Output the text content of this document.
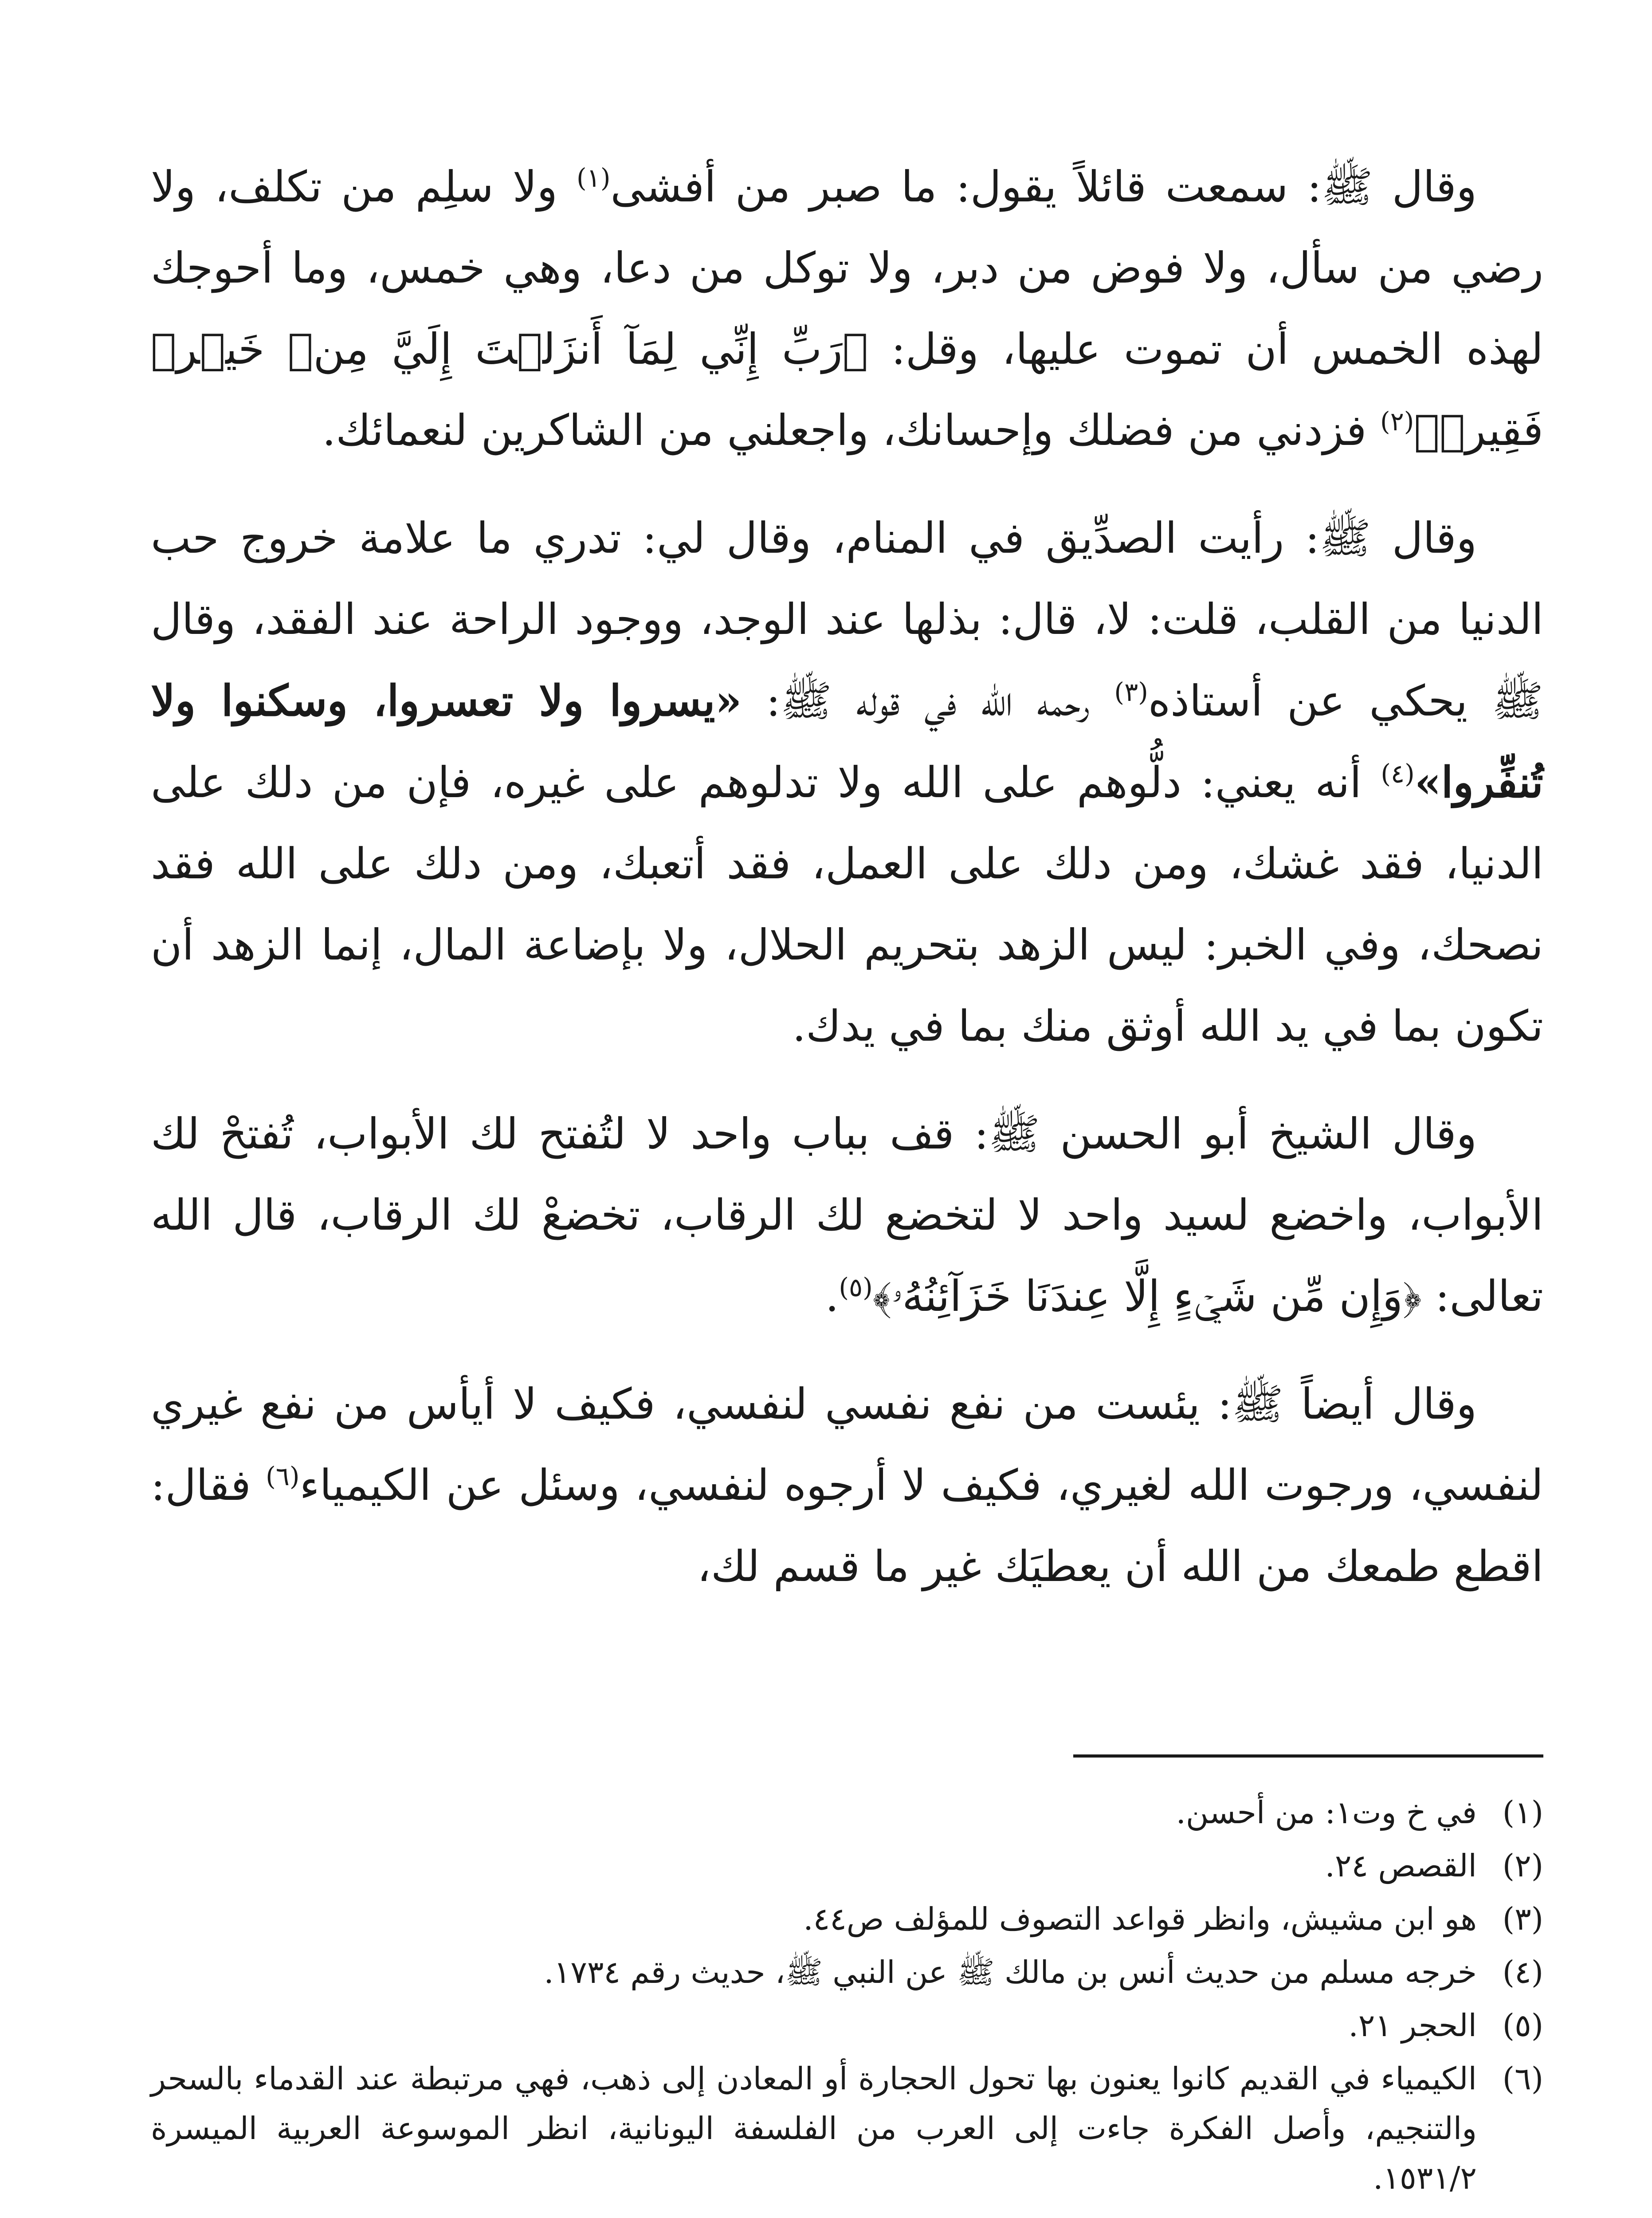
وقال ﷺ: سمعت قائلاً يقول: ما صبر من أفشى$^{(١)}$ ولا سلِم من تكلف، ولا رضي من سأل، ولا فوض من دبر، ولا توكل من دعا، وهي خمس، وما أحوجك لهذه الخمس أن تموت عليها، وقل: ﴿رَبِّ إِنِّي لِمَآ أَنزَلۡتَ إِلَيَّ مِنۡ خَيۡرٖ فَقِيرٞ﴾$^{(٢)}$ فزدني من فضلك وإحسانك، واجعلني من الشاكرين لنعمائك.

وقال ﷺ: رأيت الصدِّيق في المنام، وقال لي: تدري ما علامة خروج حب الدنيا من القلب، قلت: لا، قال: بذلها عند الوجد، ووجود الراحة عند الفقد، وقال ﷺ يحكي عن أستاذه$^{(٣)}$ رحمه الله في قوله ﷺ: «يسروا ولا تعسروا، وسكنوا ولا تُنفِّروا»$^{(٤)}$ أنه يعني: دلُّوهم على الله ولا تدلوهم على غيره، فإن من دلك على الدنيا، فقد غشك، ومن دلك على العمل، فقد أتعبك، ومن دلك على الله فقد نصحك، وفي الخبر: ليس الزهد بتحريم الحلال، ولا بإضاعة المال، إنما الزهد أن تكون بما في يد الله أوثق منك بما في يدك.

وقال الشيخ أبو الحسن ﷺ: قف بباب واحد لا لتُفتح لك الأبواب، تُفتحْ لك الأبواب، واخضع لسيد واحد لا لتخضع لك الرقاب، تخضعْ لك الرقاب، قال الله تعالى: ﴿وَإِن مِّن شَيۡءٍ إِلَّا عِندَنَا خَزَآئِنُهُۥ﴾$^{(٥)}$.

وقال أيضاً ﷺ: يئست من نفع نفسي لنفسي، فكيف لا أيأس من نفع غيري لنفسي، ورجوت الله لغيري، فكيف لا أرجوه لنفسي، وسئل عن الكيمياء$^{(٦)}$ فقال: اقطع طمعك من الله أن يعطيَك غير ما قسم لك،

(١)
في خ وت١: من أحسن.
(٢)
القصص ٢٤.
(٣)
هو ابن مشيش، وانظر قواعد التصوف للمؤلف ص٤٤.
(٤)
خرجه مسلم من حديث أنس بن مالك ﷺ عن النبي ﷺ، حديث رقم ١٧٣٤.
(٥)
الحجر ٢١.
(٦)
الكيمياء في القديم كانوا يعنون بها تحول الحجارة أو المعادن إلى ذهب، فهي مرتبطة عند القدماء بالسحر والتنجيم، وأصل الفكرة جاءت إلى العرب من الفلسفة اليونانية، انظر الموسوعة العربية الميسرة ١٥٣١/٢.
